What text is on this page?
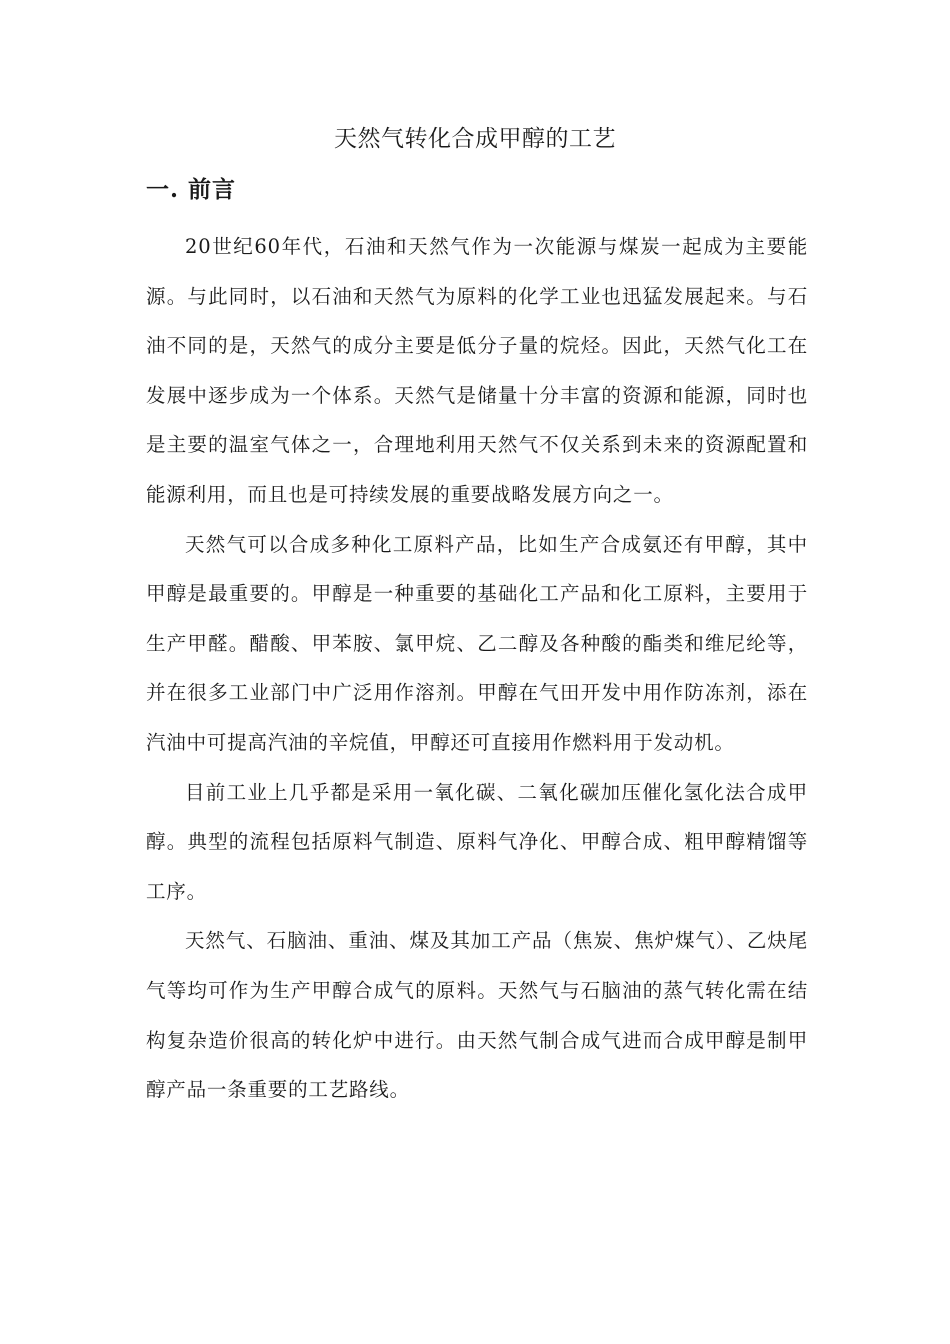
天然气转化合成甲醇的工艺
一. 前言

20世纪60年代，石油和天然气作为一次能源与煤炭一起成为主要能源。与此同时，以石油和天然气为原料的化学工业也迅猛发展起来。与石油不同的是，天然气的成分主要是低分子量的烷烃。因此，天然气化工在发展中逐步成为一个体系。天然气是储量十分丰富的资源和能源，同时也是主要的温室气体之一，合理地利用天然气不仅关系到未来的资源配置和能源利用，而且也是可持续发展的重要战略发展方向之一。

天然气可以合成多种化工原料产品，比如生产合成氨还有甲醇，其中甲醇是最重要的。甲醇是一种重要的基础化工产品和化工原料，主要用于生产甲醛。醋酸、甲苯胺、氯甲烷、乙二醇及各种酸的酯类和维尼纶等，并在很多工业部门中广泛用作溶剂。甲醇在气田开发中用作防冻剂，添在汽油中可提高汽油的辛烷值，甲醇还可直接用作燃料用于发动机。

目前工业上几乎都是采用一氧化碳、二氧化碳加压催化氢化法合成甲醇。典型的流程包括原料气制造、原料气净化、甲醇合成、粗甲醇精馏等工序。

天然气、石脑油、重油、煤及其加工产品（焦炭、焦炉煤气）、乙炔尾气等均可作为生产甲醇合成气的原料。天然气与石脑油的蒸气转化需在结构复杂造价很高的转化炉中进行。由天然气制合成气进而合成甲醇是制甲醇产品一条重要的工艺路线。
